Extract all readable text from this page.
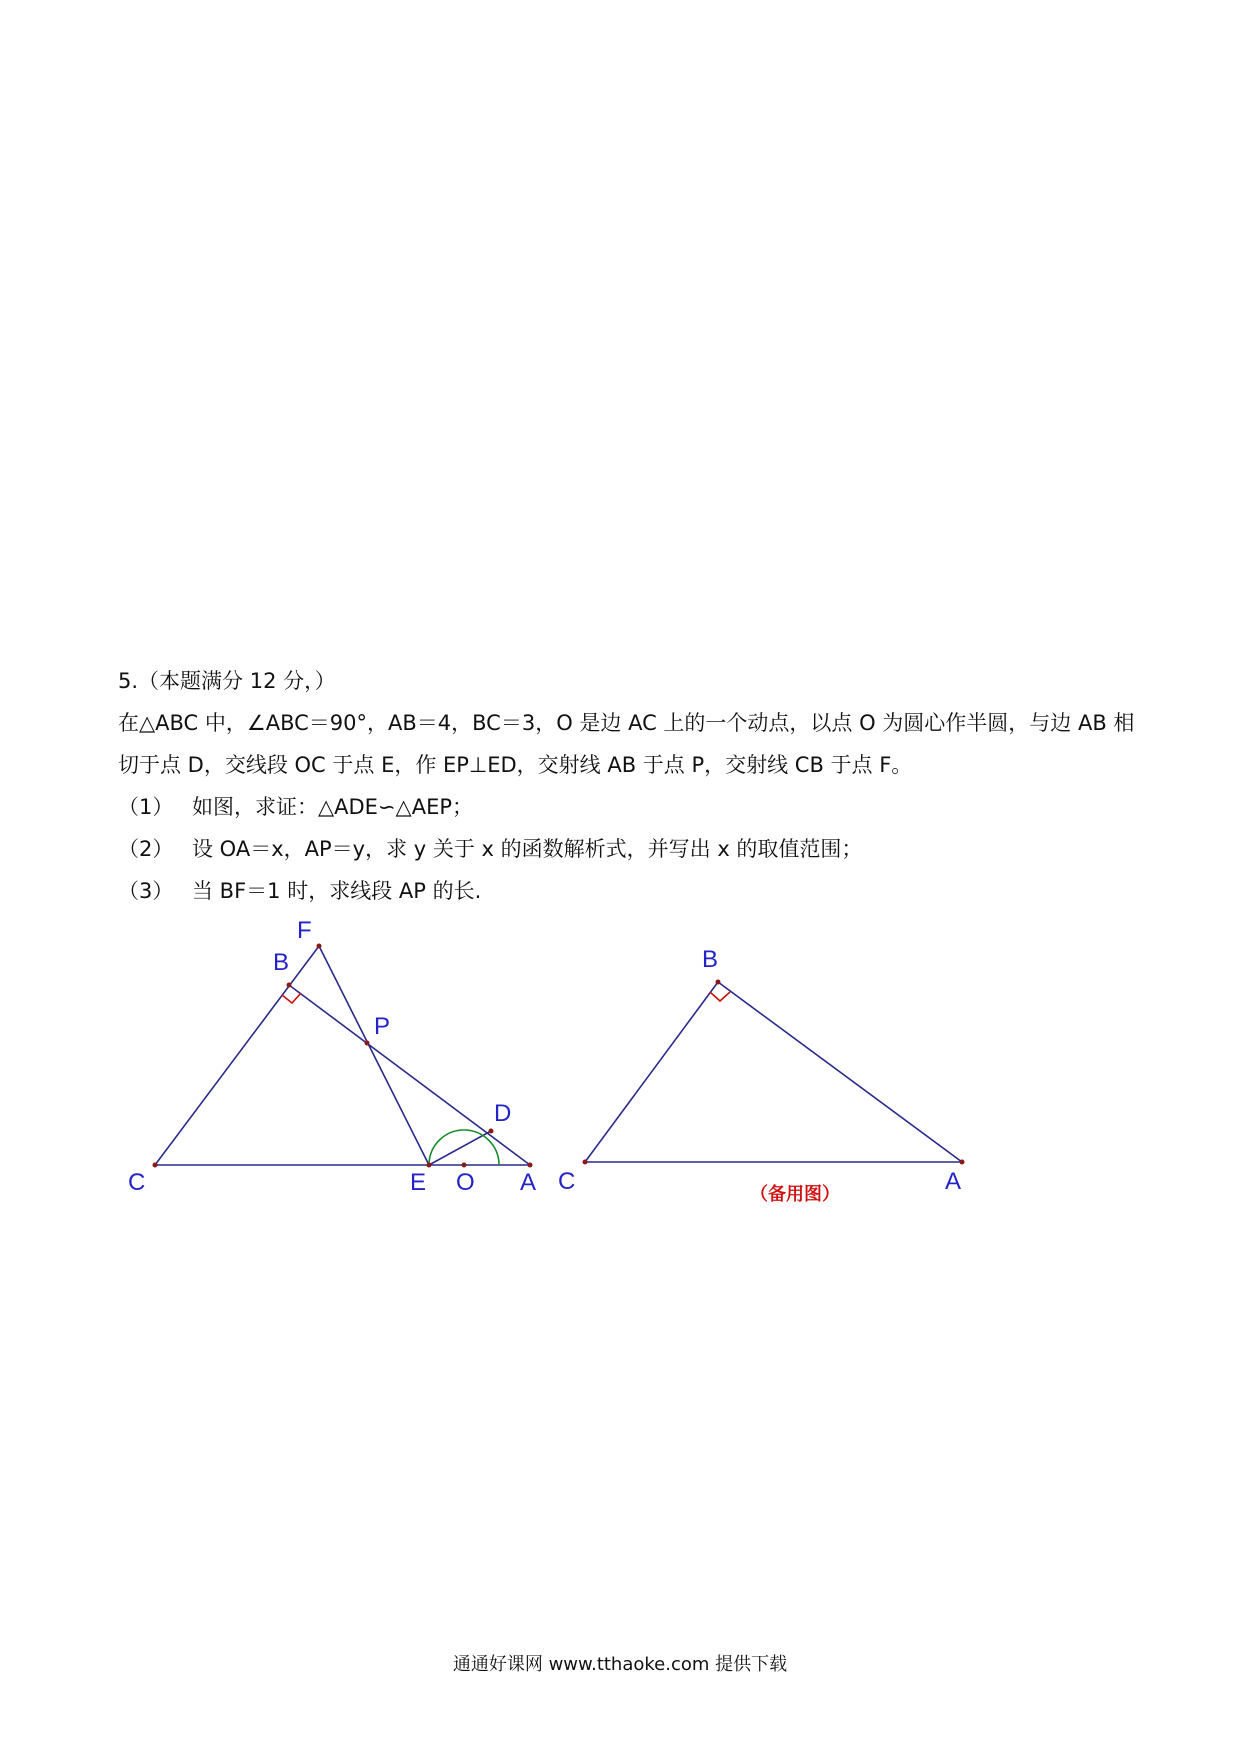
5.（本题满分 12 分，）

在△ABC 中，∠ABC＝90°，AB＝4，BC＝3，O 是边 AC 上的一个动点，以点 O 为圆心作半圆，与边 AB 相

切于点 D，交线段 OC 于点 E，作 EP⊥ED，交射线 AB 于点 P，交射线 CB 于点 F。

（1） 如图，求证：△ADE∽△AEP；

（2） 设 OA＝x，AP＝y，求 y 关于 x 的函数解析式，并写出 x 的取值范围；

（3） 当 BF＝1 时，求线段 AP 的长.

F
B
P
D
C	E O A
B
C	A
（备用图）
通通好课网 www.tthaoke.com 提供下载
